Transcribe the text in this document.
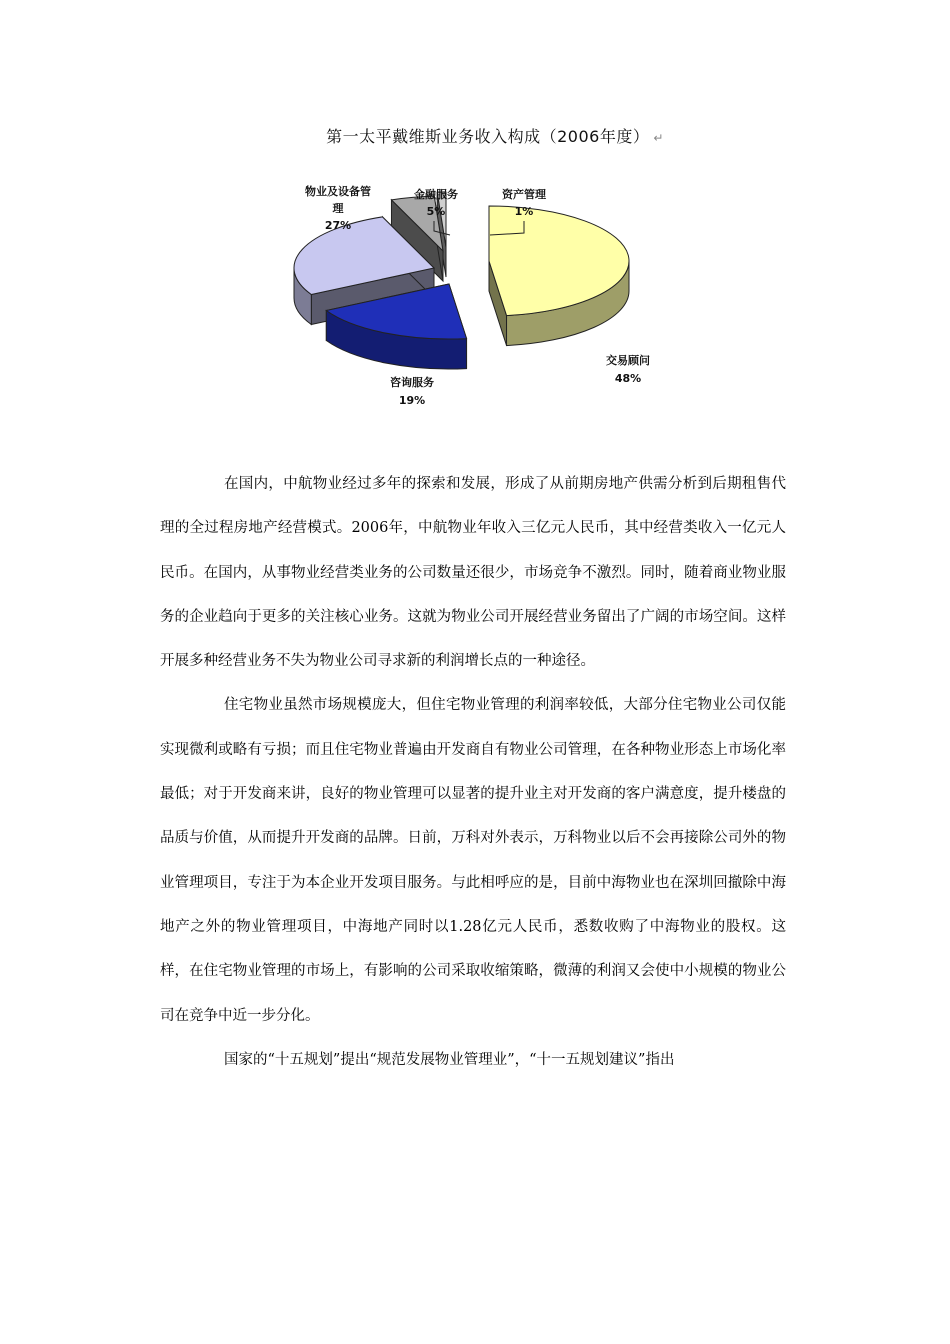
第一太平戴维斯业务收入构成（2006年度） ↵
物业及设备管
理
27%
金融服务
5%
资产管理
1%
咨询服务
19%
交易顾问
48%

在国内，中航物业经过多年的探索和发展，形成了从前期房地产供需分析到后期租售代理的全过程房地产经营模式。2006年，中航物业年收入三亿元人民币，其中经营类收入一亿元人民币。在国内，从事物业经营类业务的公司数量还很少，市场竞争不激烈。同时，随着商业物业服务的企业趋向于更多的关注核心业务。这就为物业公司开展经营业务留出了广阔的市场空间。这样开展多种经营业务不失为物业公司寻求新的利润增长点的一种途径。

住宅物业虽然市场规模庞大，但住宅物业管理的利润率较低，大部分住宅物业公司仅能实现微利或略有亏损；而且住宅物业普遍由开发商自有物业公司管理，在各种物业形态上市场化率最低；对于开发商来讲，良好的物业管理可以显著的提升业主对开发商的客户满意度，提升楼盘的品质与价值，从而提升开发商的品牌。日前，万科对外表示，万科物业以后不会再接除公司外的物业管理项目，专注于为本企业开发项目服务。与此相呼应的是，目前中海物业也在深圳回撤除中海地产之外的物业管理项目，中海地产同时以1.28亿元人民币，悉数收购了中海物业的股权。这样，在住宅物业管理的市场上，有影响的公司采取收缩策略，微薄的利润又会使中小规模的物业公司在竞争中近一步分化。

国家的“十五规划”提出“规范发展物业管理业”，“十一五规划建议”指出
